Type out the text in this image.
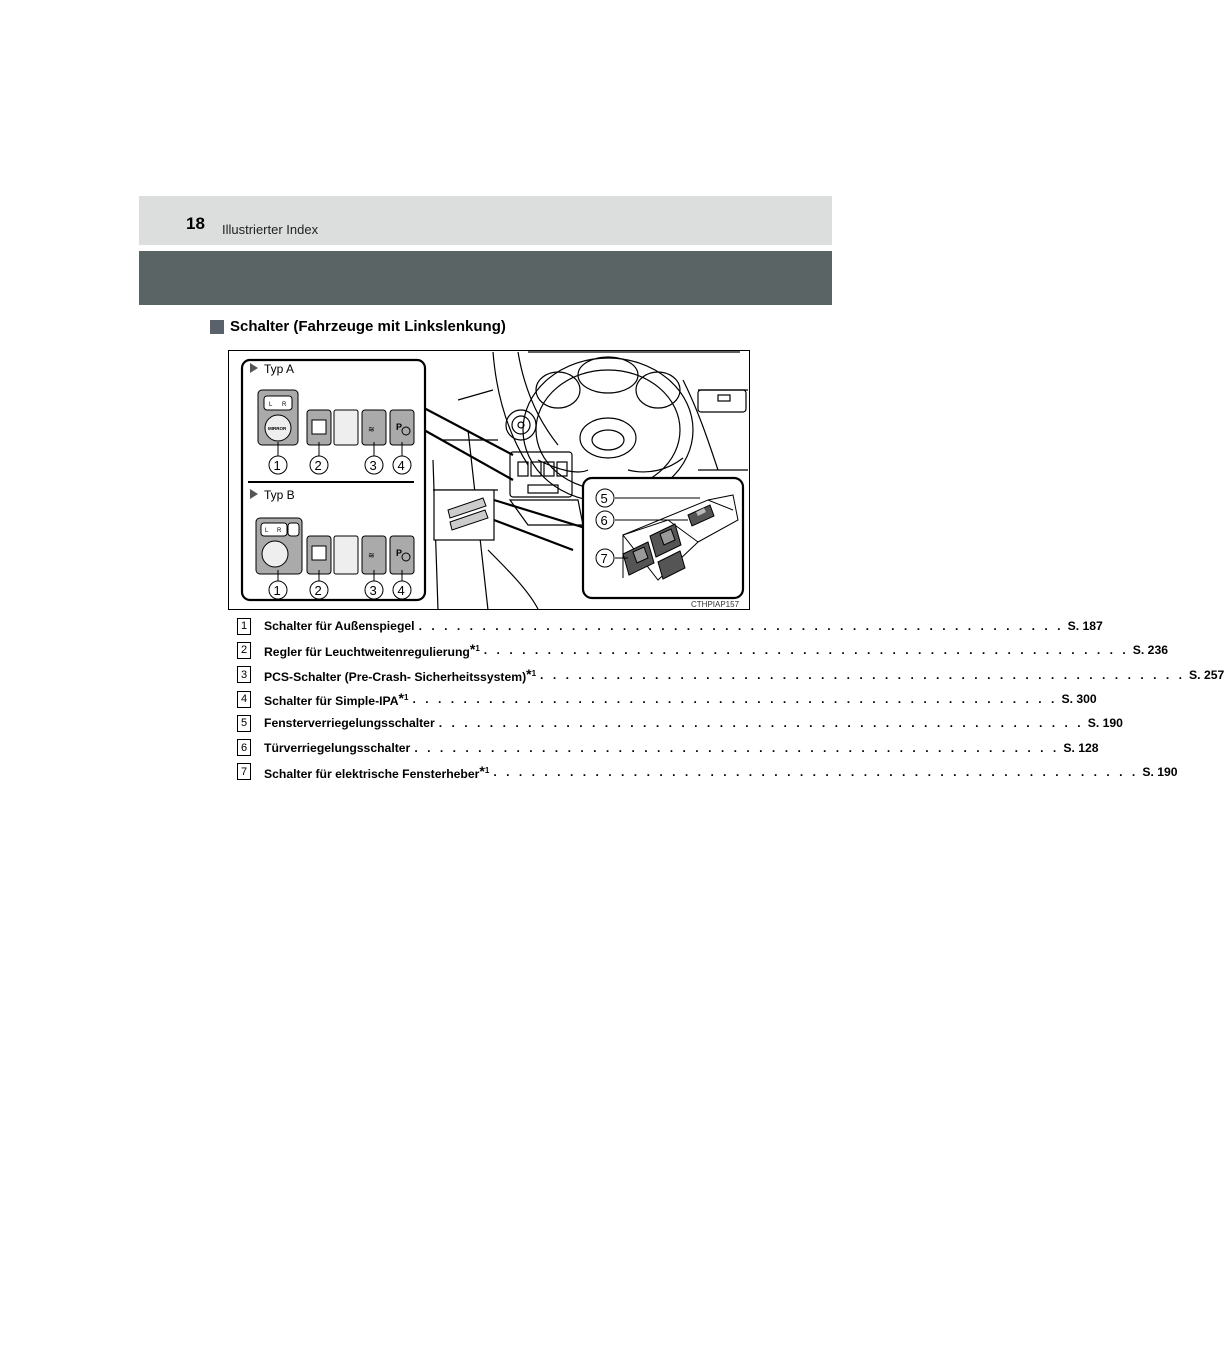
18 Illustrierter Index
Schalter (Fahrzeuge mit Linkslenkung)
Typ A
L R
MIRROR	≋ P
1	2	3 4
Typ B
L R
≋ P
1	2	3 4
5
6
7
CTHPIAP157
1	Schalter für Außenspiegel . . . . . . . . . . . . . . . . . . . . . . . . . . . . . . . . . . . . . . . . . . . . . . . . . . . S. 187
2	Regler für Leuchtweitenregulierung$^{*1}$ . . . . . . . . . . . . . . . . . . . . . . . . . . . . . . . . . . . . . . . . . . . . . . . . . . . S. 236
3	PCS-Schalter (Pre-Crash- Sicherheitssystem)$^{*1}$ . . . . . . . . . . . . . . . . . . . . . . . . . . . . . . . . . . . . . . . . . . . . . . . . . . . S. 257
4	Schalter für Simple-IPA$^{*1}$ . . . . . . . . . . . . . . . . . . . . . . . . . . . . . . . . . . . . . . . . . . . . . . . . . . . S. 300
5	Fensterverriegelungsschalter . . . . . . . . . . . . . . . . . . . . . . . . . . . . . . . . . . . . . . . . . . . . . . . . . . . S. 190
6	Türverriegelungsschalter . . . . . . . . . . . . . . . . . . . . . . . . . . . . . . . . . . . . . . . . . . . . . . . . . . . S. 128
7	Schalter für elektrische Fensterheber$^{*1}$ . . . . . . . . . . . . . . . . . . . . . . . . . . . . . . . . . . . . . . . . . . . . . . . . . . . S. 190
